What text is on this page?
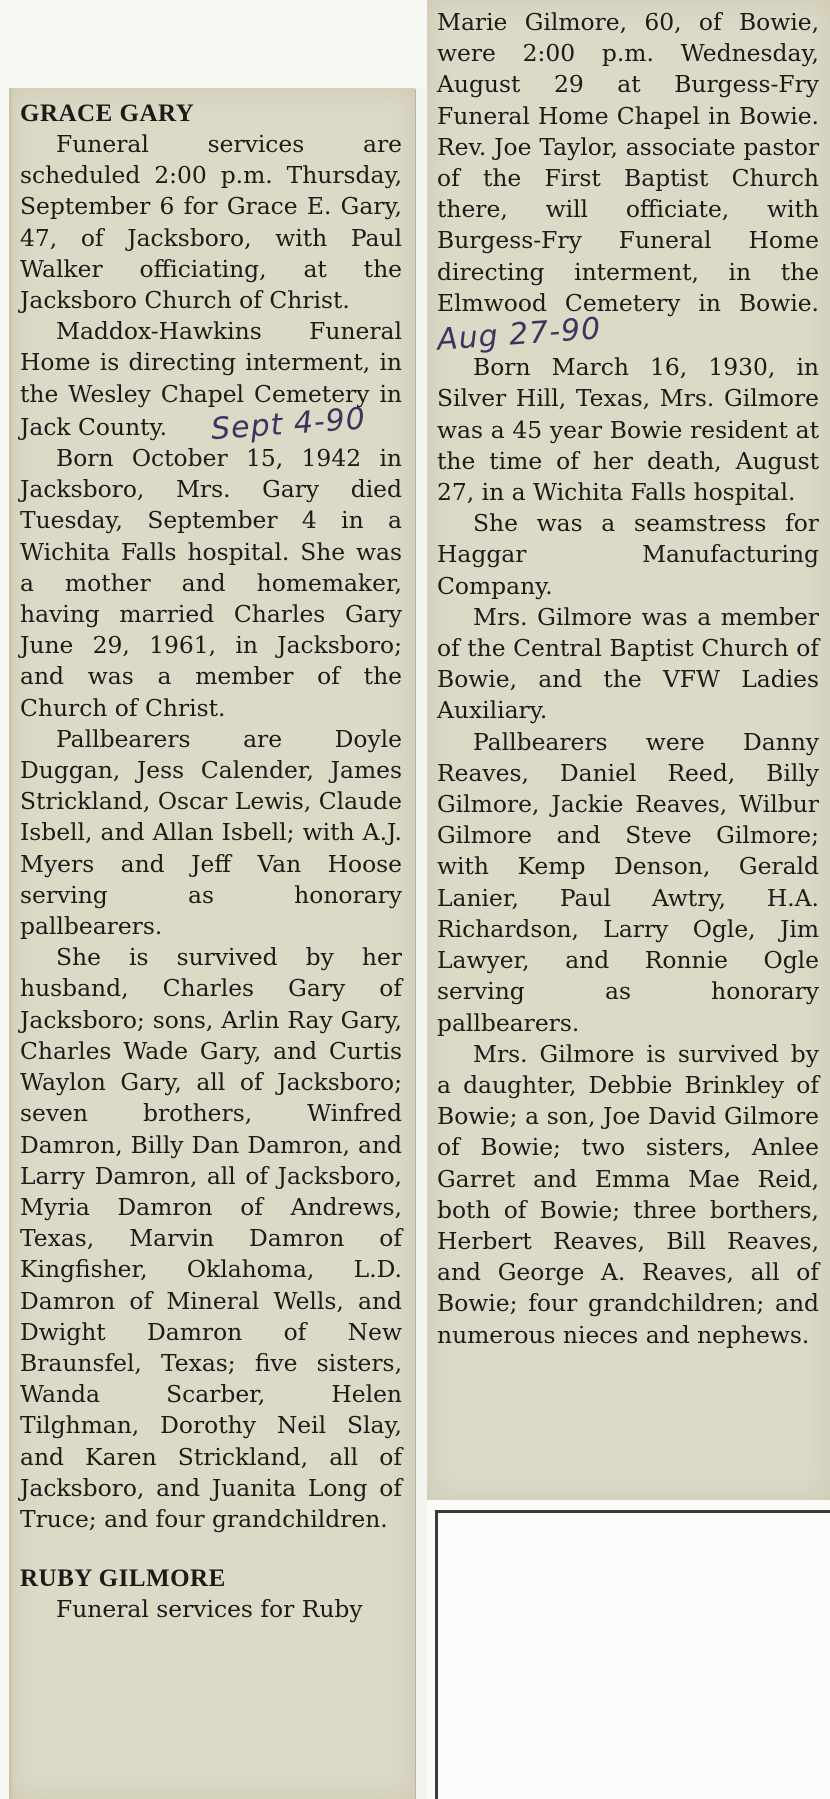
GRACE GARY

Funeral services are scheduled 2:00 p.m. Thursday, September 6 for Grace E. Gary, 47, of Jacksboro, with Paul Walker officiating, at the Jacksboro Church of Christ.

Maddox-Hawkins Funeral Home is directing interment, in the Wesley Chapel Cemetery in Jack County. Sept 4-90

Born October 15, 1942 in Jacksboro, Mrs. Gary died Tuesday, September 4 in a Wichita Falls hospital. She was a mother and homemaker, having married Charles Gary June 29, 1961, in Jacksboro; and was a member of the Church of Christ.

Pallbearers are Doyle Duggan, Jess Calender, James Strickland, Oscar Lewis, Claude Isbell, and Allan Isbell; with A.J. Myers and Jeff Van Hoose serving as honorary pallbearers.

She is survived by her husband, Charles Gary of Jacksboro; sons, Arlin Ray Gary, Charles Wade Gary, and Curtis Waylon Gary, all of Jacksboro; seven brothers, Winfred Damron, Billy Dan Damron, and Larry Damron, all of Jacksboro, Myria Damron of Andrews, Texas, Marvin Damron of Kingfisher, Oklahoma, L.D. Damron of Mineral Wells, and Dwight Damron of New Braunsfel, Texas; five sisters, Wanda Scarber, Helen Tilghman, Dorothy Neil Slay, and Karen Strickland, all of Jacksboro, and Juanita Long of Truce; and four grandchildren.

RUBY GILMORE

Funeral services for Ruby

Marie Gilmore, 60, of Bowie, were 2:00 p.m. Wednesday, August 29 at Burgess-Fry Funeral Home Chapel in Bowie. Rev. Joe Taylor, associate pastor of the First Baptist Church there, will officiate, with Burgess-Fry Funeral Home directing interment, in the Elmwood Cemetery in Bowie. Aug 27-90

Born March 16, 1930, in Silver Hill, Texas, Mrs. Gilmore was a 45 year Bowie resident at the time of her death, August 27, in a Wichita Falls hospital.

She was a seamstress for Haggar Manufacturing Company.

Mrs. Gilmore was a member of the Central Baptist Church of Bowie, and the VFW Ladies Auxiliary.

Pallbearers were Danny Reaves, Daniel Reed, Billy Gilmore, Jackie Reaves, Wilbur Gilmore and Steve Gilmore; with Kemp Denson, Gerald Lanier, Paul Awtry, H.A. Richardson, Larry Ogle, Jim Lawyer, and Ronnie Ogle serving as honorary pallbearers.

Mrs. Gilmore is survived by a daughter, Debbie Brinkley of Bowie; a son, Joe David Gilmore of Bowie; two sisters, Anlee Garret and Emma Mae Reid, both of Bowie; three borthers, Herbert Reaves, Bill Reaves, and George A. Reaves, all of Bowie; four grandchildren; and numerous nieces and nephews.
